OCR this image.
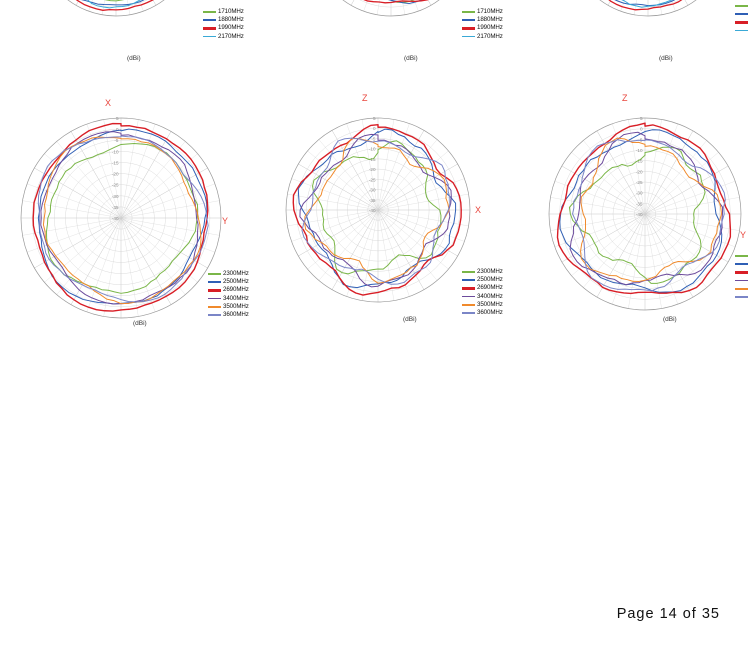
1710MHz
1880MHz
1990MHz
2170MHz
(dBi)	(dBi)
1710MHz
1880MHz
1990MHz
2170MHz
(dBi)
5
0
-5
-10
-15
-20
-25
-30
-35
-40
X
Y
(dBi)
2300MHz
2500MHz
2690MHz
3400MHz
3500MHz
3600MHz
5
0
-5
-10
-15
-20
-25
-30
-35
-40
Z
X
(dBi)
2300MHz
2500MHz
2690MHz
3400MHz
3500MHz
3600MHz
5
0
-5
-10
-15
-20
-25
-30
-35
-40
Z
Y
(dBi)
Page 14 of 35
